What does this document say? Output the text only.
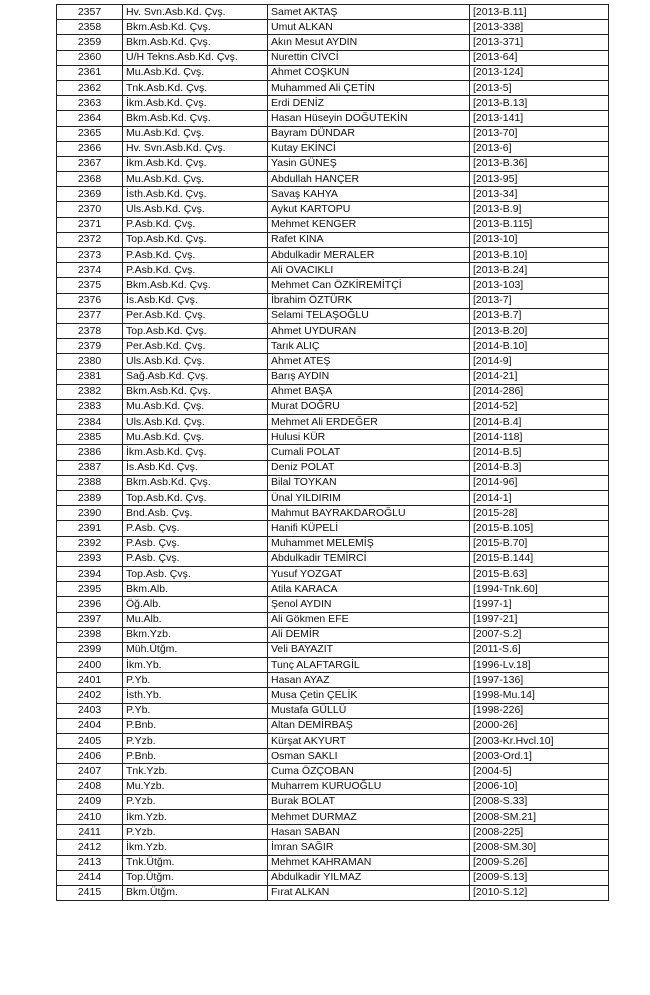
2357	Hv. Svn.Asb.Kd. Çvş.	Samet AKTAŞ	[2013-B.11]
2358	Bkm.Asb.Kd. Çvş.	Umut ALKAN	[2013-338]
2359	Bkm.Asb.Kd. Çvş.	Akın Mesut AYDIN	[2013-371]
2360	U/H Tekns.Asb.Kd. Çvş.	Nurettin CİVCİ	[2013-64]
2361	Mu.Asb.Kd. Çvş.	Ahmet COŞKUN	[2013-124]
2362	Tnk.Asb.Kd. Çvş.	Muhammed Ali ÇETİN	[2013-5]
2363	İkm.Asb.Kd. Çvş.	Erdi DENİZ	[2013-B.13]
2364	Bkm.Asb.Kd. Çvş.	Hasan Hüseyin DOĞUTEKİN	[2013-141]
2365	Mu.Asb.Kd. Çvş.	Bayram DÜNDAR	[2013-70]
2366	Hv. Svn.Asb.Kd. Çvş.	Kutay EKİNCİ	[2013-6]
2367	İkm.Asb.Kd. Çvş.	Yasin GÜNEŞ	[2013-B.36]
2368	Mu.Asb.Kd. Çvş.	Abdullah HANÇER	[2013-95]
2369	İsth.Asb.Kd. Çvş.	Savaş KAHYA	[2013-34]
2370	Uls.Asb.Kd. Çvş.	Aykut KARTOPU	[2013-B.9]
2371	P.Asb.Kd. Çvş.	Mehmet KENGER	[2013-B.115]
2372	Top.Asb.Kd. Çvş.	Rafet KINA	[2013-10]
2373	P.Asb.Kd. Çvş.	Abdulkadir MERALER	[2013-B.10]
2374	P.Asb.Kd. Çvş.	Ali OVACIKLI	[2013-B.24]
2375	Bkm.Asb.Kd. Çvş.	Mehmet Can ÖZKİREMİTÇİ	[2013-103]
2376	İs.Asb.Kd. Çvş.	İbrahim ÖZTÜRK	[2013-7]
2377	Per.Asb.Kd. Çvş.	Selami TELAŞOĞLU	[2013-B.7]
2378	Top.Asb.Kd. Çvş.	Ahmet UYDURAN	[2013-B.20]
2379	Per.Asb.Kd. Çvş.	Tarık ALIÇ	[2014-B.10]
2380	Uls.Asb.Kd. Çvş.	Ahmet ATEŞ	[2014-9]
2381	Sağ.Asb.Kd. Çvş.	Barış AYDIN	[2014-21]
2382	Bkm.Asb.Kd. Çvş.	Ahmet BAŞA	[2014-286]
2383	Mu.Asb.Kd. Çvş.	Murat DOĞRU	[2014-52]
2384	Uls.Asb.Kd. Çvş.	Mehmet Ali ERDEĞER	[2014-B.4]
2385	Mu.Asb.Kd. Çvş.	Hulusi KÜR	[2014-118]
2386	İkm.Asb.Kd. Çvş.	Cumali POLAT	[2014-B.5]
2387	İs.Asb.Kd. Çvş.	Deniz POLAT	[2014-B.3]
2388	Bkm.Asb.Kd. Çvş.	Bilal TOYKAN	[2014-96]
2389	Top.Asb.Kd. Çvş.	Ünal YILDIRIM	[2014-1]
2390	Bnd.Asb. Çvş.	Mahmut BAYRAKDAROĞLU	[2015-28]
2391	P.Asb. Çvş.	Hanifi KÜPELİ	[2015-B.105]
2392	P.Asb. Çvş.	Muhammet MELEMİŞ	[2015-B.70]
2393	P.Asb. Çvş.	Abdulkadir TEMİRCİ	[2015-B.144]
2394	Top.Asb. Çvş.	Yusuf YOZGAT	[2015-B.63]
2395	Bkm.Alb.	Atila KARACA	[1994-Tnk.60]
2396	Öğ.Alb.	Şenol AYDIN	[1997-1]
2397	Mu.Alb.	Ali Gökmen EFE	[1997-21]
2398	Bkm.Yzb.	Ali DEMİR	[2007-S.2]
2399	Müh.Ütğm.	Veli BAYAZIT	[2011-S.6]
2400	İkm.Yb.	Tunç ALAFTARGİL	[1996-Lv.18]
2401	P.Yb.	Hasan AYAZ	[1997-136]
2402	İsth.Yb.	Musa Çetin ÇELİK	[1998-Mu.14]
2403	P.Yb.	Mustafa GÜLLÜ	[1998-226]
2404	P.Bnb.	Altan DEMİRBAŞ	[2000-26]
2405	P.Yzb.	Kürşat AKYURT	[2003-Kr.Hvcl.10]
2406	P.Bnb.	Osman SAKLI	[2003-Ord.1]
2407	Tnk.Yzb.	Cuma ÖZÇOBAN	[2004-5]
2408	Mu.Yzb.	Muharrem KURUOĞLU	[2006-10]
2409	P.Yzb.	Burak BOLAT	[2008-S.33]
2410	İkm.Yzb.	Mehmet DURMAZ	[2008-SM.21]
2411	P.Yzb.	Hasan SABAN	[2008-225]
2412	İkm.Yzb.	İmran SAĞIR	[2008-SM.30]
2413	Tnk.Ütğm.	Mehmet KAHRAMAN	[2009-S.26]
2414	Top.Ütğm.	Abdulkadir YILMAZ	[2009-S.13]
2415	Bkm.Ütğm.	Fırat ALKAN	[2010-S.12]
